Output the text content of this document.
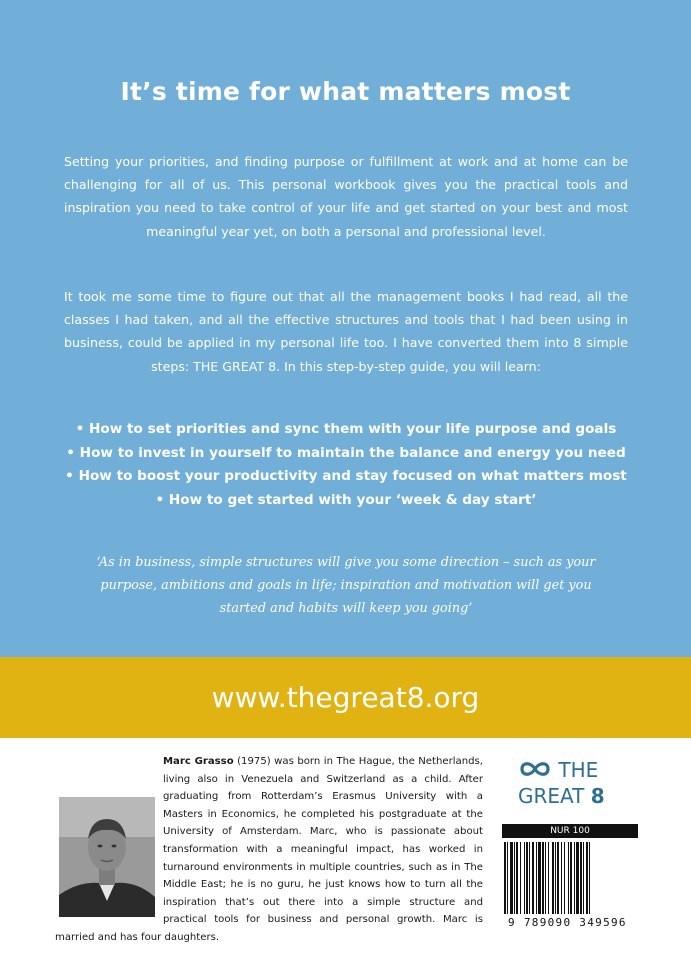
It’s time for what matters most
Setting your priorities, and finding purpose or fulfillment at work and at home can be challenging for all of us. This personal workbook gives you the practical tools and inspiration you need to take control of your life and get started on your best and most meaningful year yet, on both a personal and professional level.
It took me some time to figure out that all the management books I had read, all the classes I had taken, and all the effective structures and tools that I had been using in business, could be applied in my personal life too. I have converted them into 8 simple steps: THE GREAT 8. In this step-by-step guide, you will learn:
• How to set priorities and sync them with your life purpose and goals
• How to invest in yourself to maintain the balance and energy you need
• How to boost your productivity and stay focused on what matters most
• How to get started with your ‘week & day start’
‘As in business, simple structures will give you some direction – such as your purpose, ambitions and goals in life; inspiration and motivation will get you started and habits will keep you going’
www.thegreat8.org
Marc Grasso (1975) was born in The Hague, the Netherlands, living also in Venezuela and Switzerland as a child. After graduating from Rotterdam’s Erasmus University with a Masters in Economics, he completed his postgraduate at the University of Amsterdam. Marc, who is passionate about transformation with a meaningful impact, has worked in turnaround environments in multiple countries, such as in The Middle East; he is no guru, he just knows how to turn all the inspiration that’s out there into a simple structure and practical tools for business and personal growth. Marc is married and has four daughters.
THE
GREAT 8
NUR 100
9 789090 349596
